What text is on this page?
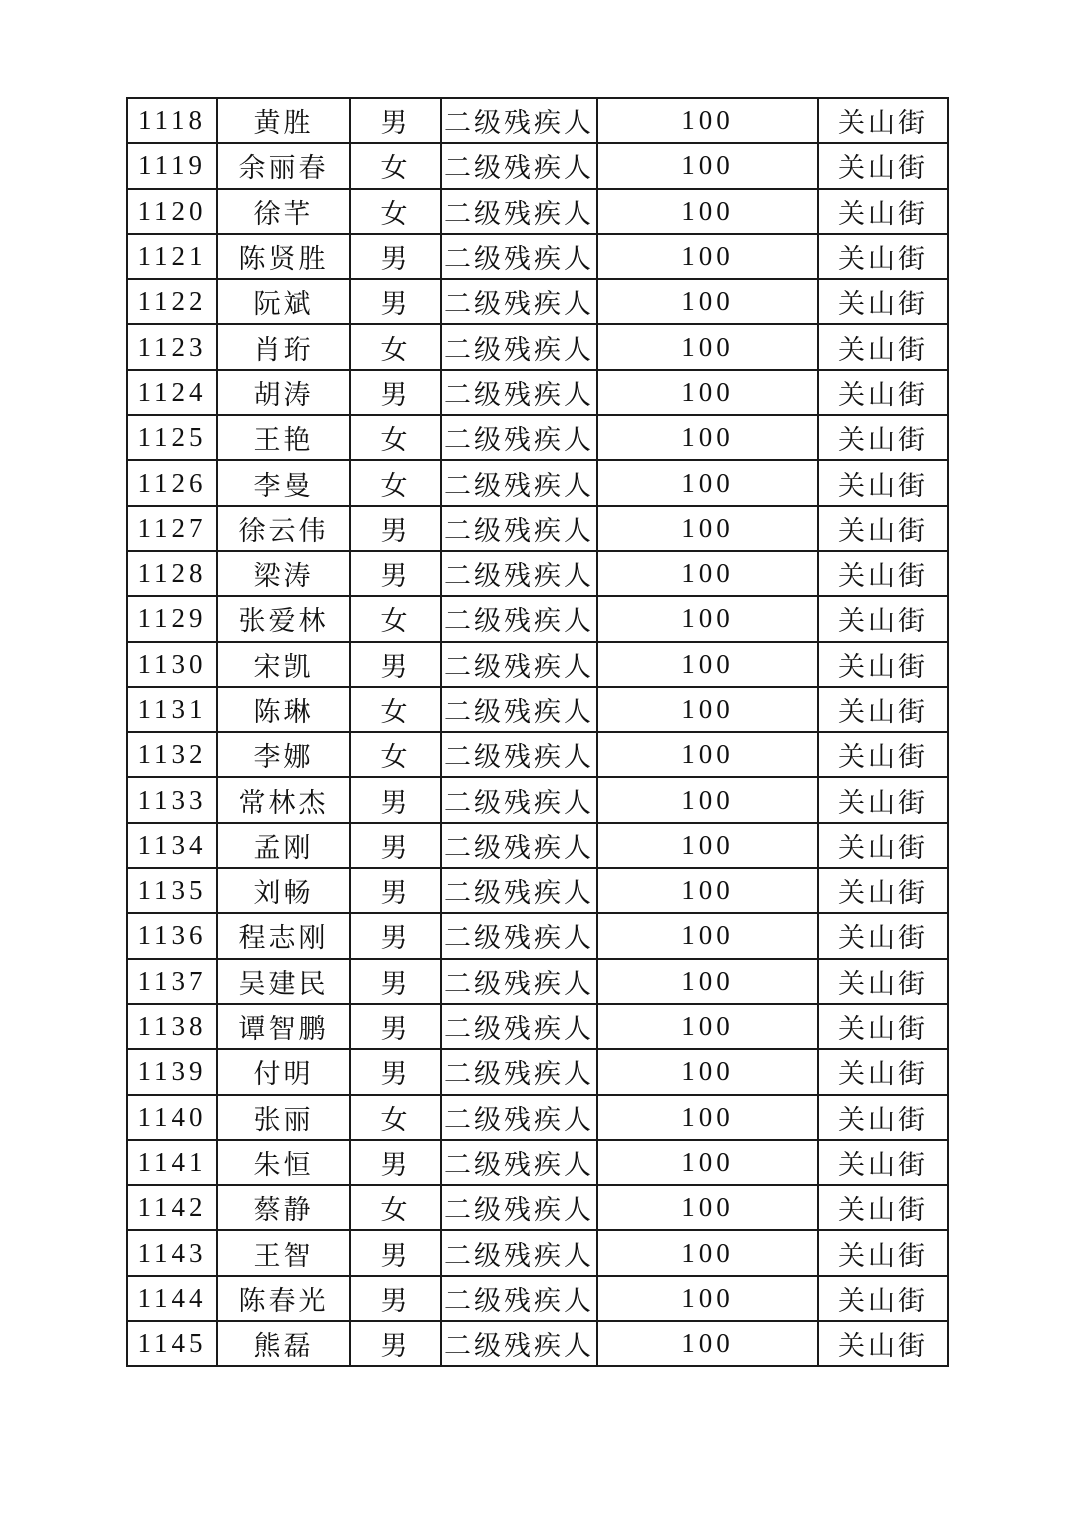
1118	黄胜	男	二级残疾人	100	关山街
1119	余丽春	女	二级残疾人	100	关山街
1120	徐芊	女	二级残疾人	100	关山街
1121	陈贤胜	男	二级残疾人	100	关山街
1122	阮斌	男	二级残疾人	100	关山街
1123	肖珩	女	二级残疾人	100	关山街
1124	胡涛	男	二级残疾人	100	关山街
1125	王艳	女	二级残疾人	100	关山街
1126	李曼	女	二级残疾人	100	关山街
1127	徐云伟	男	二级残疾人	100	关山街
1128	梁涛	男	二级残疾人	100	关山街
1129	张爱林	女	二级残疾人	100	关山街
1130	宋凯	男	二级残疾人	100	关山街
1131	陈琳	女	二级残疾人	100	关山街
1132	李娜	女	二级残疾人	100	关山街
1133	常林杰	男	二级残疾人	100	关山街
1134	孟刚	男	二级残疾人	100	关山街
1135	刘畅	男	二级残疾人	100	关山街
1136	程志刚	男	二级残疾人	100	关山街
1137	吴建民	男	二级残疾人	100	关山街
1138	谭智鹏	男	二级残疾人	100	关山街
1139	付明	男	二级残疾人	100	关山街
1140	张丽	女	二级残疾人	100	关山街
1141	朱恒	男	二级残疾人	100	关山街
1142	蔡静	女	二级残疾人	100	关山街
1143	王智	男	二级残疾人	100	关山街
1144	陈春光	男	二级残疾人	100	关山街
1145	熊磊	男	二级残疾人	100	关山街
